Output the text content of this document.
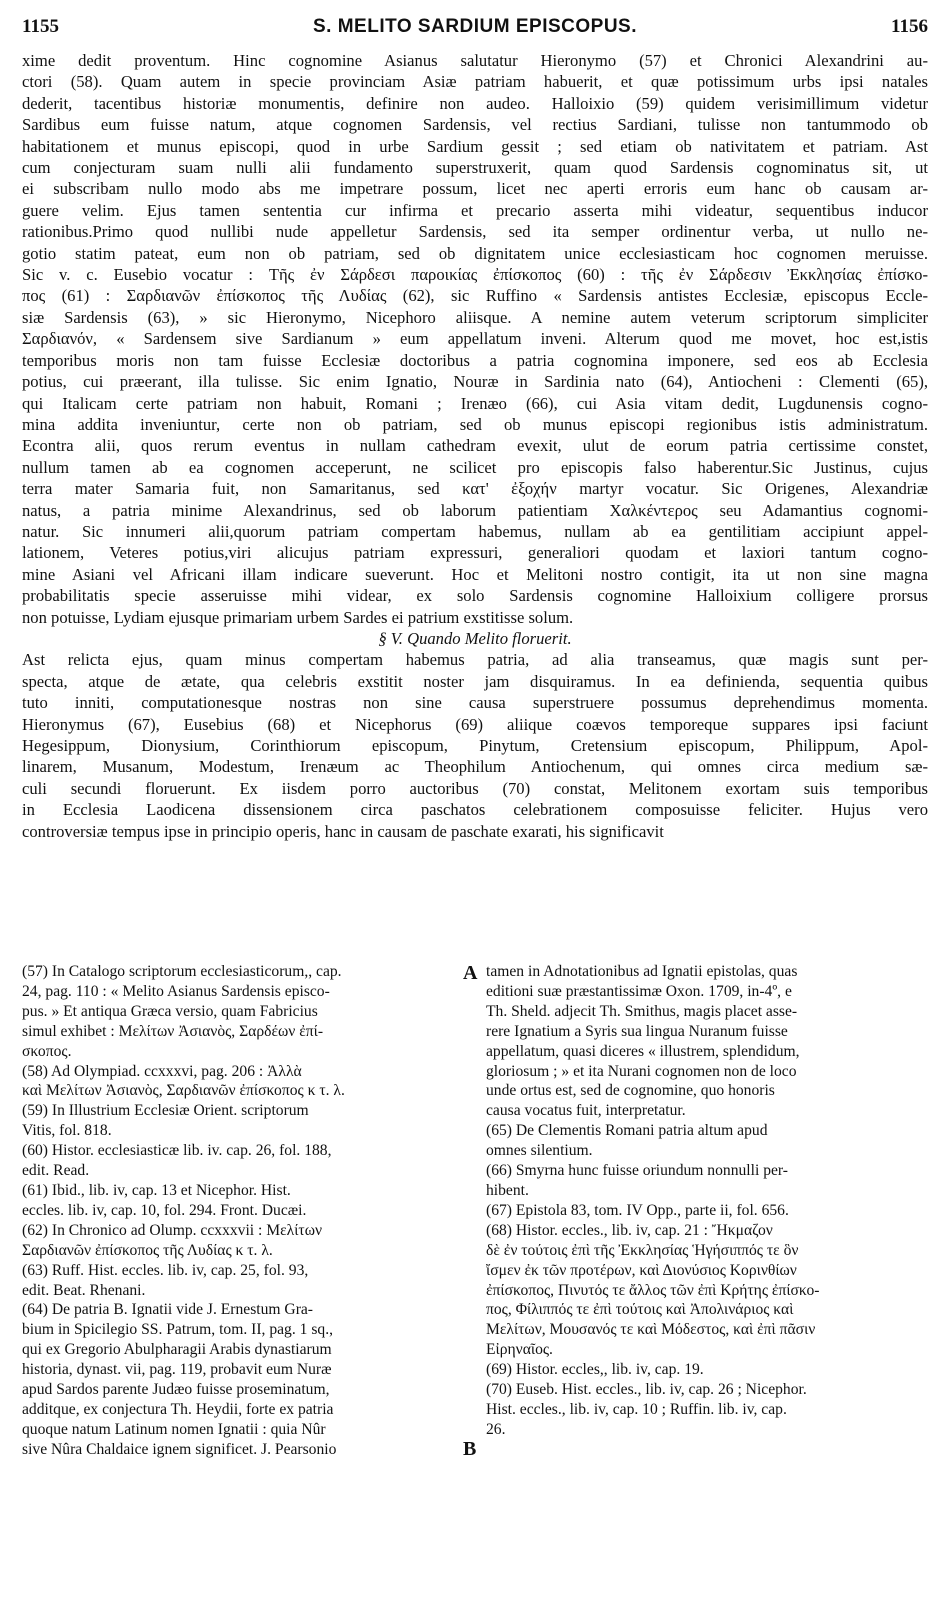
1155	S. MELITO SARDIUM EPISCOPUS.	1156
xime dedit proventum. Hinc cognomine Asianus salutatur Hieronymo (57) et Chronici Alexandrini au-
ctori (58). Quam autem in specie provinciam Asiæ patriam habuerit, et quæ potissimum urbs ipsi natales
dederit, tacentibus historiæ monumentis, definire non audeo. Halloixio (59) quidem verisimillimum videtur
Sardibus eum fuisse natum, atque cognomen Sardensis, vel rectius Sardiani, tulisse non tantummodo ob
habitationem et munus episcopi, quod in urbe Sardium gessit ; sed etiam ob nativitatem et patriam. Ast
cum conjecturam suam nulli alii fundamento superstruxerit, quam quod Sardensis cognominatus sit, ut
ei subscribam nullo modo abs me impetrare possum, licet nec aperti erroris eum hanc ob causam ar-
guere velim. Ejus tamen sententia cur infirma et precario asserta mihi videatur, sequentibus inducor
rationibus.Primo quod nullibi nude appelletur Sardensis, sed ita semper ordinentur verba, ut nullo ne-
gotio statim pateat, eum non ob patriam, sed ob dignitatem unice ecclesiasticam hoc cognomen meruisse.
Sic v. c. Eusebio vocatur : Τῆς ἐν Σάρδεσι παροικίας ἐπίσκοπος (60) : τῆς ἐν Σάρδεσιν Ἐκκλησίας ἐπίσκο-
πος (61) : Σαρδιανῶν ἐπίσκοπος τῆς Λυδίας (62), sic Ruffino « Sardensis antistes Ecclesiæ, episcopus Eccle-
siæ Sardensis (63), » sic Hieronymo, Nicephoro aliisque. A nemine autem veterum scriptorum simpliciter
Σαρδιανόν, « Sardensem sive Sardianum » eum appellatum inveni. Alterum quod me movet, hoc est,istis
temporibus moris non tam fuisse Ecclesiæ doctoribus a patria cognomina imponere, sed eos ab Ecclesia
potius, cui præerant, illa tulisse. Sic enim Ignatio, Nouræ in Sardinia nato (64), Antiocheni : Clementi (65),
qui Italicam certe patriam non habuit, Romani ; Irenæo (66), cui Asia vitam dedit, Lugdunensis cogno-
mina addita inveniuntur, certe non ob patriam, sed ob munus episcopi regionibus istis administratum.
Econtra alii, quos rerum eventus in nullam cathedram evexit, ulut de eorum patria certissime constet,
nullum tamen ab ea cognomen acceperunt, ne scilicet pro episcopis falso haberentur.Sic Justinus, cujus
terra mater Samaria fuit, non Samaritanus, sed κατ' ἐξοχήν martyr vocatur. Sic Origenes, Alexandriæ
natus, a patria minime Alexandrinus, sed ob laborum patientiam Χαλκέντερος seu Adamantius cognomi-
natur. Sic innumeri alii,quorum patriam compertam habemus, nullam ab ea gentilitiam accipiunt appel-
lationem, Veteres potius,viri alicujus patriam expressuri, generaliori quodam et laxiori tantum cogno-
mine Asiani vel Africani illam indicare sueverunt. Hoc et Melitoni nostro contigit, ita ut non sine magna
probabilitatis specie asseruisse mihi videar, ex solo Sardensis cognomine Halloixium colligere prorsus
non potuisse, Lydiam ejusque primariam urbem Sardes ei patrium exstitisse solum.
§ V. Quando Melito floruerit.
Ast relicta ejus, quam minus compertam habemus patria, ad alia transeamus, quæ magis sunt per-
specta, atque de ætate, qua celebris exstitit noster jam disquiramus. In ea definienda, sequentia quibus
tuto inniti, computationesque nostras non sine causa superstruere possumus deprehendimus momenta.
Hieronymus (67), Eusebius (68) et Nicephorus (69) aliique coævos temporeque suppares ipsi faciunt
Hegesippum, Dionysium, Corinthiorum episcopum, Pinytum, Cretensium episcopum, Philippum, Apol-
linarem, Musanum, Modestum, Irenæum ac Theophilum Antiochenum, qui omnes circa medium sæ-
culi secundi floruerunt. Ex iisdem porro auctoribus (70) constat, Melitonem exortam suis temporibus
in Ecclesia Laodicena dissensionem circa paschatos celebrationem composuisse feliciter. Hujus vero
controversiæ tempus ipse in principio operis, hanc in causam de paschate exarati, his significavit
(57) In Catalogo scriptorum ecclesiasticorum,, cap.
24, pag. 110 : « Melito Asianus Sardensis episco-
pus. » Et antiqua Græca versio, quam Fabricius
simul exhibet : Μελίτων Ἀσιανὸς, Σαρδέων ἐπί-
σκοπος.
(58) Ad Olympiad. ccxxxvi, pag. 206 : Ἀλλὰ
καὶ Μελίτων Ἀσιανὸς, Σαρδιανῶν ἐπίσκοπος κ τ. λ.
(59) In Illustrium Ecclesiæ Orient. scriptorum
Vitis, fol. 818.
(60) Histor. ecclesiasticæ lib. iv. cap. 26, fol. 188,
edit. Read.
(61) Ibid., lib. iv, cap. 13 et Nicephor. Hist.
eccles. lib. iv, cap. 10, fol. 294. Front. Ducæi.
(62) In Chronico ad Olump. ccxxxvii : Μελίτων
Σαρδιανῶν ἐπίσκοπος τῆς Λυδίας κ τ. λ.
(63) Ruff. Hist. eccles. lib. iv, cap. 25, fol. 93,
edit. Beat. Rhenani.
(64) De patria B. Ignatii vide J. Ernestum Gra-
bium in Spicilegio SS. Patrum, tom. II, pag. 1 sq.,
qui ex Gregorio Abulpharagii Arabis dynastiarum
historia, dynast. vii, pag. 119, probavit eum Nuræ
apud Sardos parente Judæo fuisse proseminatum,
additque, ex conjectura Th. Heydii, forte ex patria
quoque natum Latinum nomen Ignatii : quia Nûr
sive Nûra Chaldaice ignem significet. J. Pearsonio
A
B
tamen in Adnotationibus ad Ignatii epistolas, quas
editioni suæ præstantissimæ Oxon. 1709, in-4º, e
Th. Sheld. adjecit Th. Smithus, magis placet asse-
rere Ignatium a Syris sua lingua Nuranum fuisse
appellatum, quasi diceres « illustrem, splendidum,
gloriosum ; » et ita Nurani cognomen non de loco
unde ortus est, sed de cognomine, quo honoris
causa vocatus fuit, interpretatur.
(65) De Clementis Romani patria altum apud
omnes silentium.
(66) Smyrna hunc fuisse oriundum nonnulli per-
hibent.
(67) Epistola 83, tom. IV Opp., parte ii, fol. 656.
(68) Histor. eccles., lib. iv, cap. 21 : Ἤκμαζον
δὲ ἐν τούτοις ἐπὶ τῆς Ἐκκλησίας Ἡγήσιππός τε ὃν
ἴσμεν ἐκ τῶν προτέρων, καὶ Διονύσιος Κορινθίων
ἐπίσκοπος, Πινυτός τε ἄλλος τῶν ἐπὶ Κρήτης ἐπίσκο-
πος, Φίλιππός τε ἐπὶ τούτοις καὶ Ἀπολινάριος καὶ
Μελίτων, Μουσανός τε καὶ Μόδεστος, καὶ ἐπὶ πᾶσιν
Εἰρηναῖος.
(69) Histor. eccles,, lib. iv, cap. 19.
(70) Euseb. Hist. eccles., lib. iv, cap. 26 ; Nicephor.
Hist. eccles., lib. iv, cap. 10 ; Ruffin. lib. iv, cap.
26.
